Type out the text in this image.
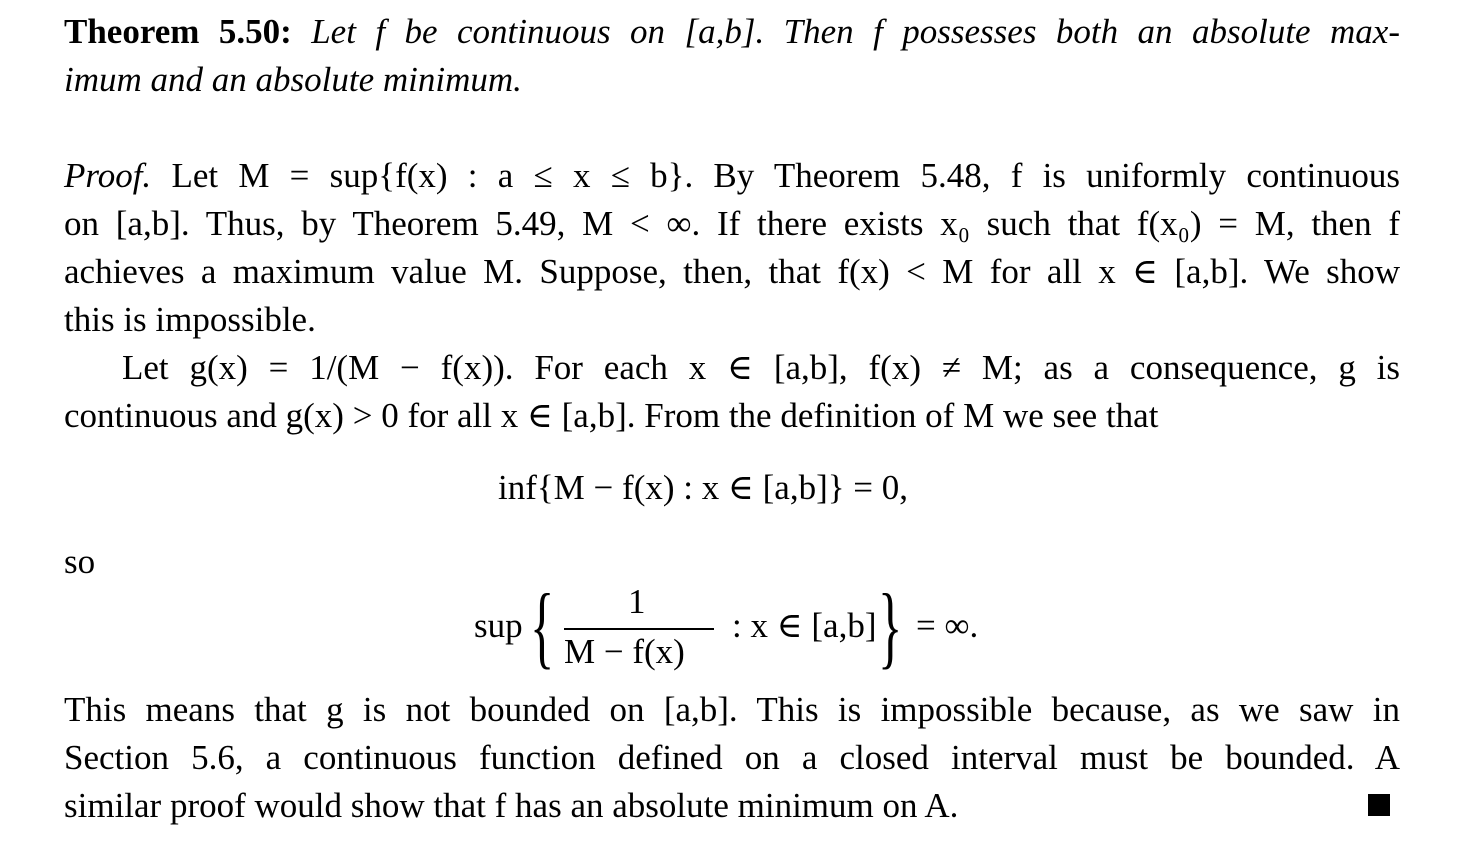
Theorem 5.50: Let f be continuous on [a,b]. Then f possesses both an absolute max-
imum and an absolute minimum.
Proof. Let M = sup{f(x) : a ≤ x ≤ b}. By Theorem 5.48, f is uniformly continuous
on [a,b]. Thus, by Theorem 5.49, M < ∞. If there exists x₀ such that f(x₀) = M, then f
achieves a maximum value M. Suppose, then, that f(x) < M for all x ∈ [a,b]. We show
this is impossible.
Let g(x) = 1/(M − f(x)). For each x ∈ [a,b], f(x) ≠ M; as a consequence, g is
continuous and g(x) > 0 for all x ∈ [a,b]. From the definition of M we see that
inf{M − f(x) : x ∈ [a,b]} = 0,
so
sup { 1
M − f(x)
: x ∈ [a,b] } = ∞.
This means that g is not bounded on [a,b]. This is impossible because, as we saw in
Section 5.6, a continuous function defined on a closed interval must be bounded. A
similar proof would show that f has an absolute minimum on A.
